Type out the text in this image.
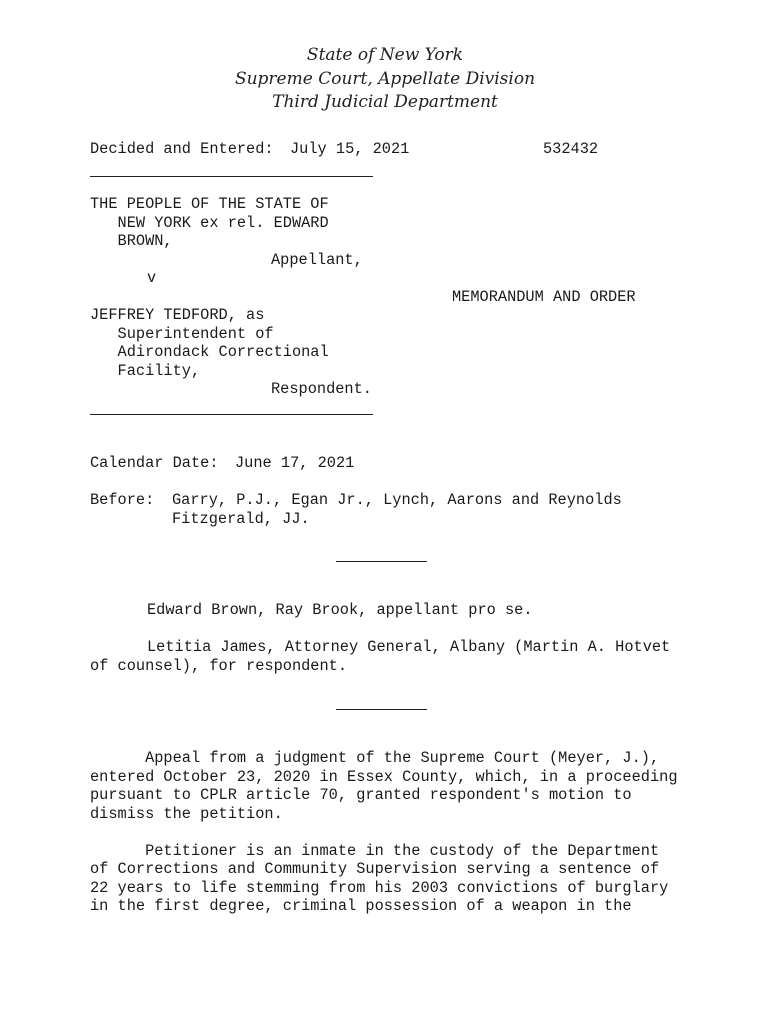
State of New York
Supreme Court, Appellate Division
Third Judicial Department
Decided and Entered: July 15, 2021	532432
THE PEOPLE OF THE STATE OF
NEW YORK ex rel. EDWARD
BROWN,
Appellant,
v
MEMORANDUM AND ORDER
JEFFREY TEDFORD, as
Superintendent of
Adirondack Correctional
Facility,
Respondent.
Calendar Date: June 17, 2021
Before: Garry, P.J., Egan Jr., Lynch, Aarons and Reynolds
Fitzgerald, JJ.
Edward Brown, Ray Brook, appellant pro se.
Letitia James, Attorney General, Albany (Martin A. Hotvet
of counsel), for respondent.
Appeal from a judgment of the Supreme Court (Meyer, J.),
entered October 23, 2020 in Essex County, which, in a proceeding
pursuant to CPLR article 70, granted respondent's motion to
dismiss the petition.
Petitioner is an inmate in the custody of the Department
of Corrections and Community Supervision serving a sentence of
22 years to life stemming from his 2003 convictions of burglary
in the first degree, criminal possession of a weapon in the
